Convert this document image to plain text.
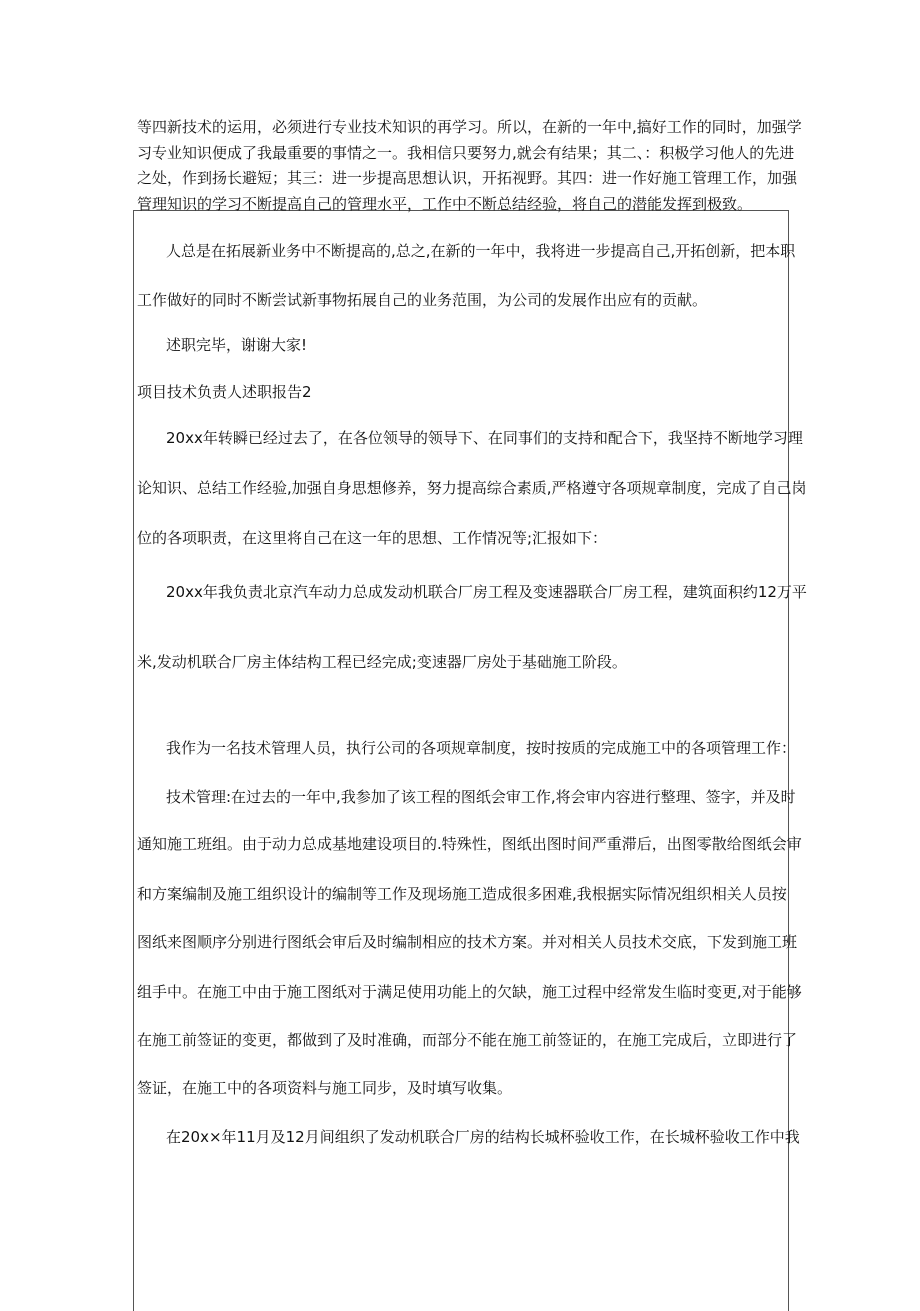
等四新技术的运用，必须进行专业技术知识的再学习。所以，在新的一年中,搞好工作的同时，加强学

习专业知识便成了我最重要的事情之一。我相信只要努力,就会有结果；其二、：积极学习他人的先进

之处，作到扬长避短；其三：进一步提高思想认识，开拓视野。其四：进一作好施工管理工作，加强

管理知识的学习不断提高自己的管理水平，工作中不断总结经验，将自己的潜能发挥到极致。

人总是在拓展新业务中不断提高的,总之,在新的一年中，我将进一步提高自己,开拓创新，把本职

工作做好的同时不断尝试新事物拓展自己的业务范围，为公司的发展作出应有的贡献。

述职完毕，谢谢大家!

项目技术负责人述职报告2

20xx年转瞬已经过去了，在各位领导的领导下、在同事们的支持和配合下，我坚持不断地学习理

论知识、总结工作经验,加强自身思想修养，努力提高综合素质,严格遵守各项规章制度，完成了自己岗

位的各项职责，在这里将自己在这一年的思想、工作情况等;汇报如下：

20xx年我负责北京汽车动力总成发动机联合厂房工程及变速器联合厂房工程，建筑面积约12万平

米,发动机联合厂房主体结构工程已经完成;变速器厂房处于基础施工阶段。

我作为一名技术管理人员，执行公司的各项规章制度，按时按质的完成施工中的各项管理工作：

技术管理:在过去的一年中,我参加了该工程的图纸会审工作,将会审内容进行整理、签字，并及时

通知施工班组。由于动力总成基地建设项目的.特殊性，图纸出图时间严重滞后，出图零散给图纸会审

和方案编制及施工组织设计的编制等工作及现场施工造成很多困难,我根据实际情况组织相关人员按

图纸来图顺序分别进行图纸会审后及时编制相应的技术方案。并对相关人员技术交底，下发到施工班

组手中。在施工中由于施工图纸对于满足使用功能上的欠缺，施工过程中经常发生临时变更,对于能够

在施工前签证的变更，都做到了及时准确，而部分不能在施工前签证的，在施工完成后，立即进行了

签证，在施工中的各项资料与施工同步，及时填写收集。

在20x×年11月及12月间组织了发动机联合厂房的结构长城杯验收工作，在长城杯验收工作中我
